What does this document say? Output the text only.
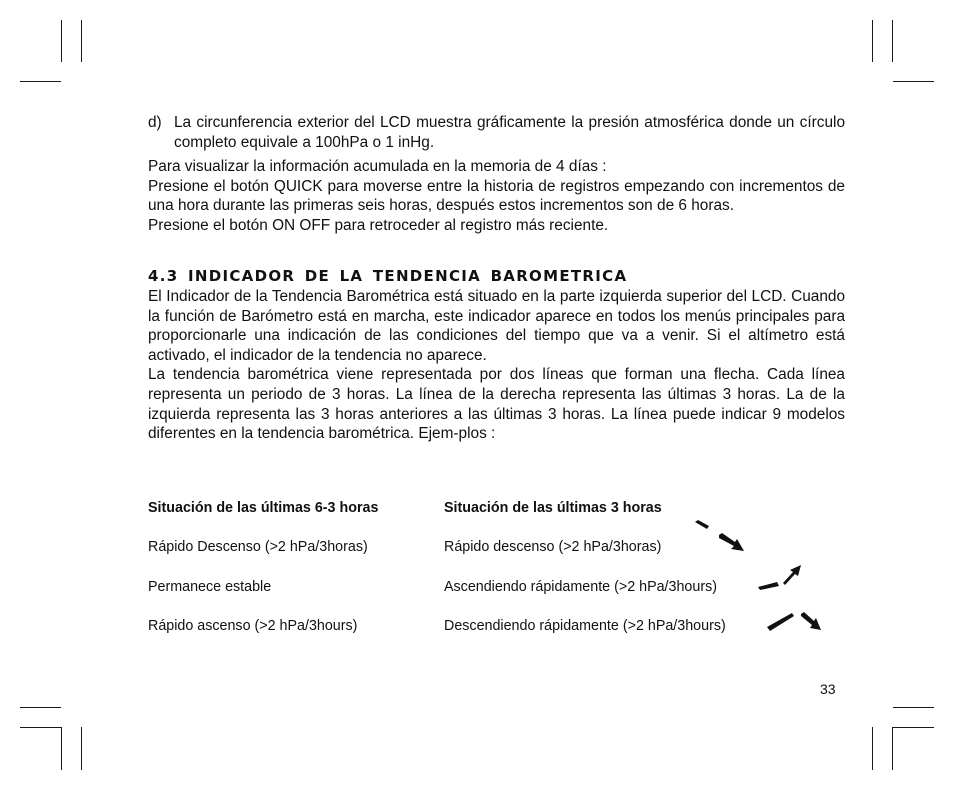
d) La circunferencia exterior del LCD muestra gráficamente la presión atmosférica donde un círculo completo equivale a 100hPa o 1 inHg.

Para visualizar la información acumulada en la memoria de 4 días :

Presione el botón QUICK para moverse entre la historia de registros empezando con incrementos de una hora durante las primeras seis horas, después estos incrementos son de 6 horas.

Presione el botón ON OFF para retroceder al registro más reciente.

4.3 INDICADOR DE LA TENDENCIA BAROMETRICA

El Indicador de la Tendencia Barométrica está situado en la parte izquierda superior del LCD. Cuando la función de Barómetro está en marcha, este indicador aparece en todos los menús principales para proporcionarle una indicación de las condiciones del tiempo que va a venir. Si el altímetro está activado, el indicador de la tendencia no aparece.

La tendencia barométrica viene representada por dos líneas que forman una flecha. Cada línea representa un periodo de 3 horas. La línea de la derecha representa las últimas 3 horas. La de la izquierda representa las 3 horas anteriores a las últimas 3 horas. La línea puede indicar 9 modelos diferentes en la tendencia barométrica. Ejem-plos :

Situación de las últimas 6-3 horas	Situación de las últimas 3 horas
Rápido Descenso (>2 hPa/3horas)	Rápido descenso (>2 hPa/3horas)
Permanece estable	Ascendiendo rápidamente (>2 hPa/3hours)
Rápido ascenso (>2 hPa/3hours)	Descendiendo rápidamente (>2 hPa/3hours)
33
